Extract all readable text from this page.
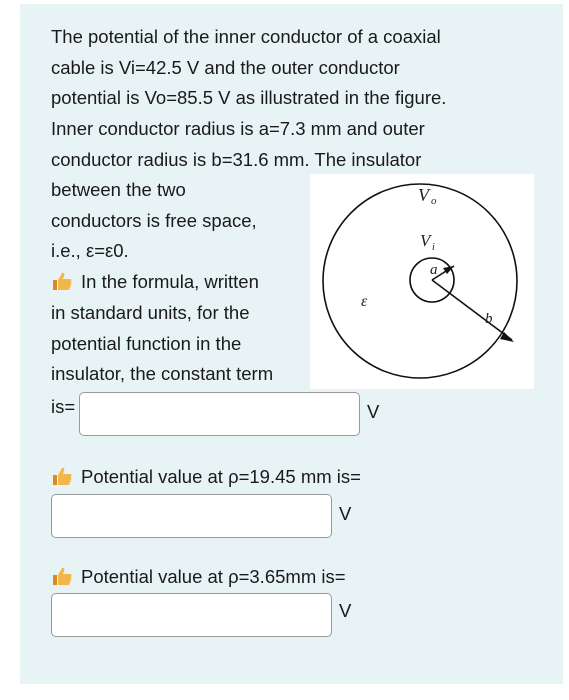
The potential of the inner conductor of a coaxial
cable is Vi=42.5 V and the outer conductor
potential is Vo=85.5 V as illustrated in the figure.
Inner conductor radius is a=7.3 mm and outer
conductor radius is b=31.6 mm. The insulator
between the two
conductors is free space,
i.e., ε=ε0.
In the formula, written
in standard units, for the
potential function in the
insulator, the constant term
V o
V i
a
b
ε
is=	V
Potential value at ρ=19.45 mm is=
V
Potential value at ρ=3.65mm is=
V
